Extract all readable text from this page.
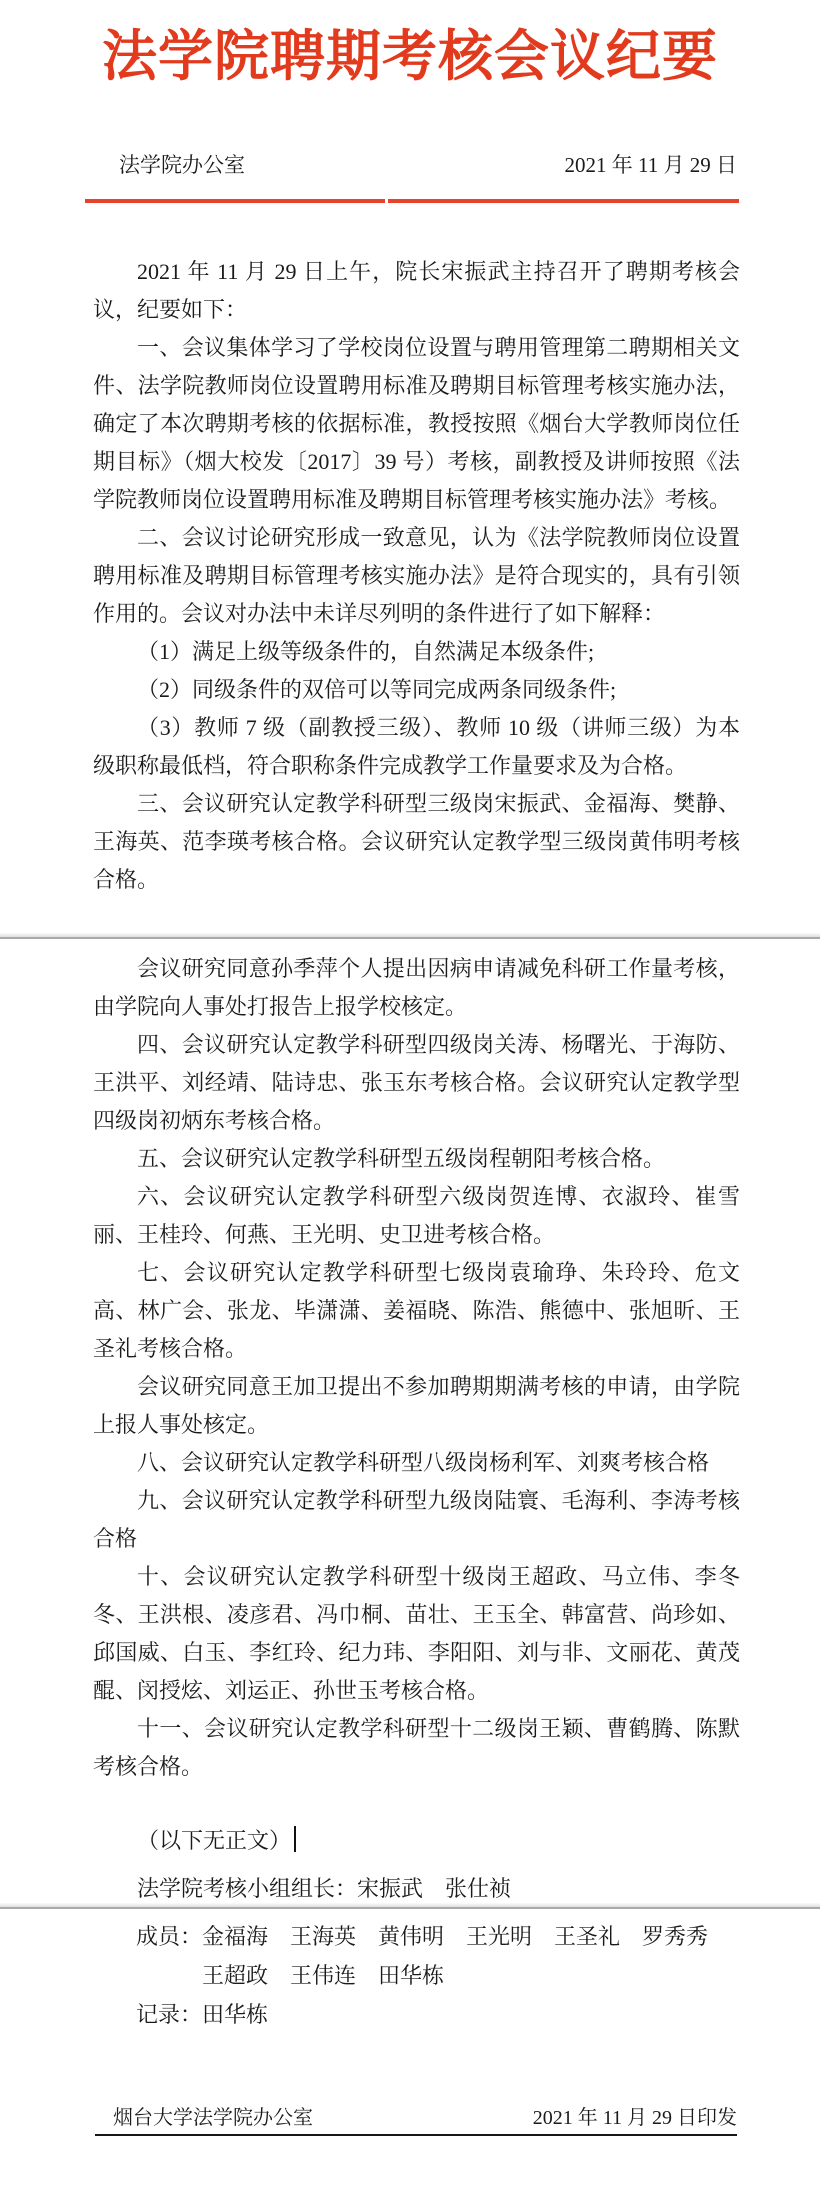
法学院聘期考核会议纪要
法学院办公室	2021 年 11 月 29 日

2021 年 11 月 29 日上午，院长宋振武主持召开了聘期考核会议，纪要如下：

一、会议集体学习了学校岗位设置与聘用管理第二聘期相关文件、法学院教师岗位设置聘用标准及聘期目标管理考核实施办法，确定了本次聘期考核的依据标准，教授按照《烟台大学教师岗位任期目标》（烟大校发〔2017〕39 号）考核，副教授及讲师按照《法学院教师岗位设置聘用标准及聘期目标管理考核实施办法》考核。

二、会议讨论研究形成一致意见，认为《法学院教师岗位设置聘用标准及聘期目标管理考核实施办法》是符合现实的，具有引领作用的。会议对办法中未详尽列明的条件进行了如下解释：

（1）满足上级等级条件的，自然满足本级条件;

（2）同级条件的双倍可以等同完成两条同级条件;

（3）教师 7 级（副教授三级）、教师 10 级（讲师三级）为本级职称最低档，符合职称条件完成教学工作量要求及为合格。

三、会议研究认定教学科研型三级岗宋振武、金福海、樊静、王海英、范李瑛考核合格。会议研究认定教学型三级岗黄伟明考核合格。

会议研究同意孙季萍个人提出因病申请减免科研工作量考核，由学院向人事处打报告上报学校核定。

四、会议研究认定教学科研型四级岗关涛、杨曙光、于海防、王洪平、刘经靖、陆诗忠、张玉东考核合格。会议研究认定教学型四级岗初炳东考核合格。

五、会议研究认定教学科研型五级岗程朝阳考核合格。

六、会议研究认定教学科研型六级岗贺连博、衣淑玲、崔雪丽、王桂玲、何燕、王光明、史卫进考核合格。

七、会议研究认定教学科研型七级岗袁瑜琤、朱玲玲、危文高、林广会、张龙、毕潇潇、姜福晓、陈浩、熊德中、张旭昕、王圣礼考核合格。

会议研究同意王加卫提出不参加聘期期满考核的申请，由学院上报人事处核定。

八、会议研究认定教学科研型八级岗杨利军、刘爽考核合格

九、会议研究认定教学科研型九级岗陆寰、毛海利、李涛考核合格

十、会议研究认定教学科研型十级岗王超政、马立伟、李冬冬、王洪根、凌彦君、冯巾桐、苗壮、王玉全、韩富营、尚珍如、邱国威、白玉、李红玲、纪力玮、李阳阳、刘与非、文丽花、黄茂醌、闵授炫、刘运正、孙世玉考核合格。

十一、会议研究认定教学科研型十二级岗王颖、曹鹤腾、陈默考核合格。

（以下无正文）
法学院考核小组组长：宋振武　张仕祯
成员： 金福海　王海英　黄伟明　王光明　王圣礼　罗秀秀
王超政　王伟连　田华栋
记录： 田华栋
烟台大学法学院办公室	2021 年 11 月 29 日印发
